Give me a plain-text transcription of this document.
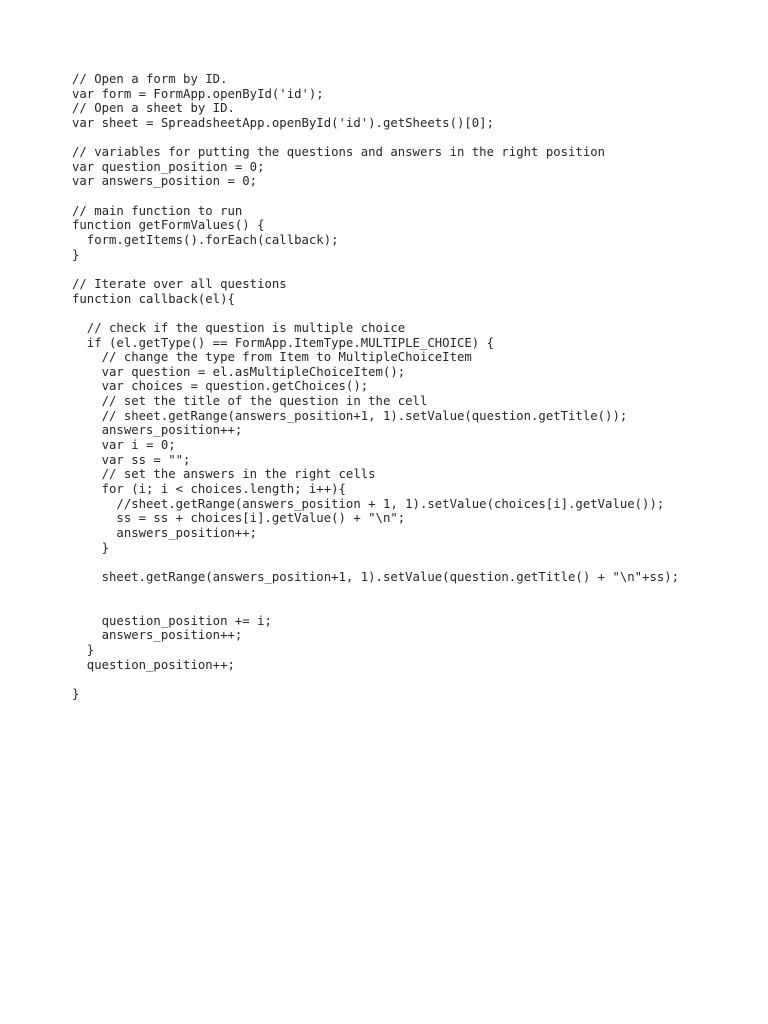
// Open a form by ID.
var form = FormApp.openById('id');
// Open a sheet by ID.
var sheet = SpreadsheetApp.openById('id').getSheets()[0];
// variables for putting the questions and answers in the right position
var question_position = 0;
var answers_position = 0;
// main function to run
function getFormValues() {
form.getItems().forEach(callback);
}
// Iterate over all questions
function callback(el){
// check if the question is multiple choice
if (el.getType() == FormApp.ItemType.MULTIPLE_CHOICE) {
// change the type from Item to MultipleChoiceItem
var question = el.asMultipleChoiceItem();
var choices = question.getChoices();
// set the title of the question in the cell
// sheet.getRange(answers_position+1, 1).setValue(question.getTitle());
answers_position++;
var i = 0;
var ss = "";
// set the answers in the right cells
for (i; i < choices.length; i++){
//sheet.getRange(answers_position + 1, 1).setValue(choices[i].getValue());
ss = ss + choices[i].getValue() + "\n";
answers_position++;
}
sheet.getRange(answers_position+1, 1).setValue(question.getTitle() + "\n"+ss);
question_position += i;
answers_position++;
}
question_position++;
}
